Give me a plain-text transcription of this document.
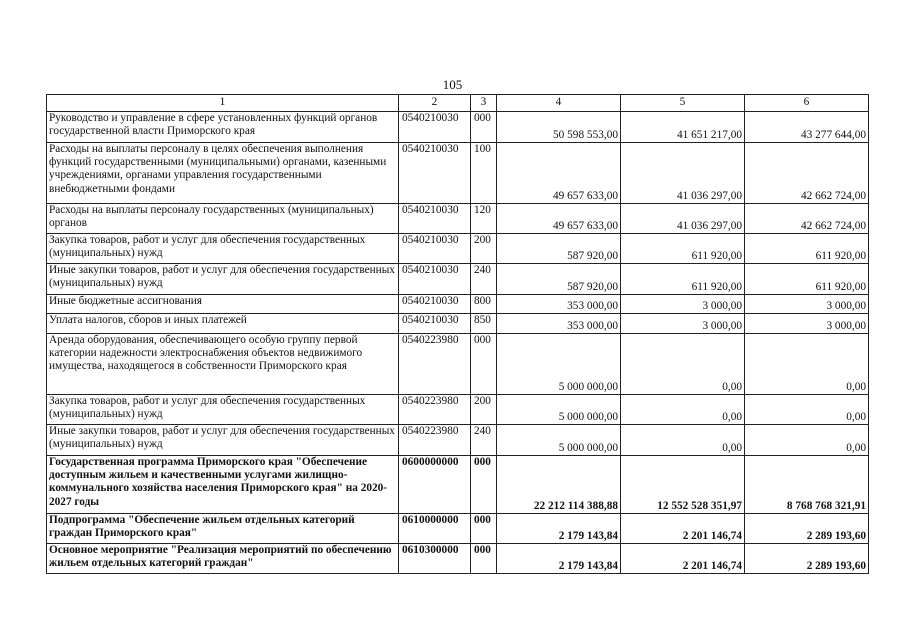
105
1	2	3	4	5	6
Руководство и управление в сфере установленных функций органов государственной власти Приморского края	0540210030	000	50 598 553,00	41 651 217,00	43 277 644,00
Расходы на выплаты персоналу в целях обеспечения выполнения функций государственными (муниципальными) органами, казенными учреждениями, органами управления государственными внебюджетными фондами	0540210030	100	49 657 633,00	41 036 297,00	42 662 724,00
Расходы на выплаты персоналу государственных (муниципальных) органов	0540210030	120	49 657 633,00	41 036 297,00	42 662 724,00
Закупка товаров, работ и услуг для обеспечения государственных (муниципальных) нужд	0540210030	200	587 920,00	611 920,00	611 920,00
Иные закупки товаров, работ и услуг для обеспечения государственных (муниципальных) нужд	0540210030	240	587 920,00	611 920,00	611 920,00
Иные бюджетные ассигнования	0540210030	800	353 000,00	3 000,00	3 000,00
Уплата налогов, сборов и иных платежей	0540210030	850	353 000,00	3 000,00	3 000,00
Аренда оборудования, обеспечивающего особую группу первой категории надежности электроснабжения объектов недвижимого имущества, находящегося в собственности Приморского края	0540223980	000	5 000 000,00	0,00	0,00
Закупка товаров, работ и услуг для обеспечения государственных (муниципальных) нужд	0540223980	200	5 000 000,00	0,00	0,00
Иные закупки товаров, работ и услуг для обеспечения государственных (муниципальных) нужд	0540223980	240	5 000 000,00	0,00	0,00
Государственная программа Приморского края "Обеспечение доступным жильем и качественными услугами жилищно-коммунального хозяйства населения Приморского края" на 2020-2027 годы	0600000000	000	22 212 114 388,88	12 552 528 351,97	8 768 768 321,91
Подпрограмма "Обеспечение жильем отдельных категорий граждан Приморского края"	0610000000	000	2 179 143,84	2 201 146,74	2 289 193,60
Основное мероприятие "Реализация мероприятий по обеспечению жильем отдельных категорий граждан"	0610300000	000	2 179 143,84	2 201 146,74	2 289 193,60
